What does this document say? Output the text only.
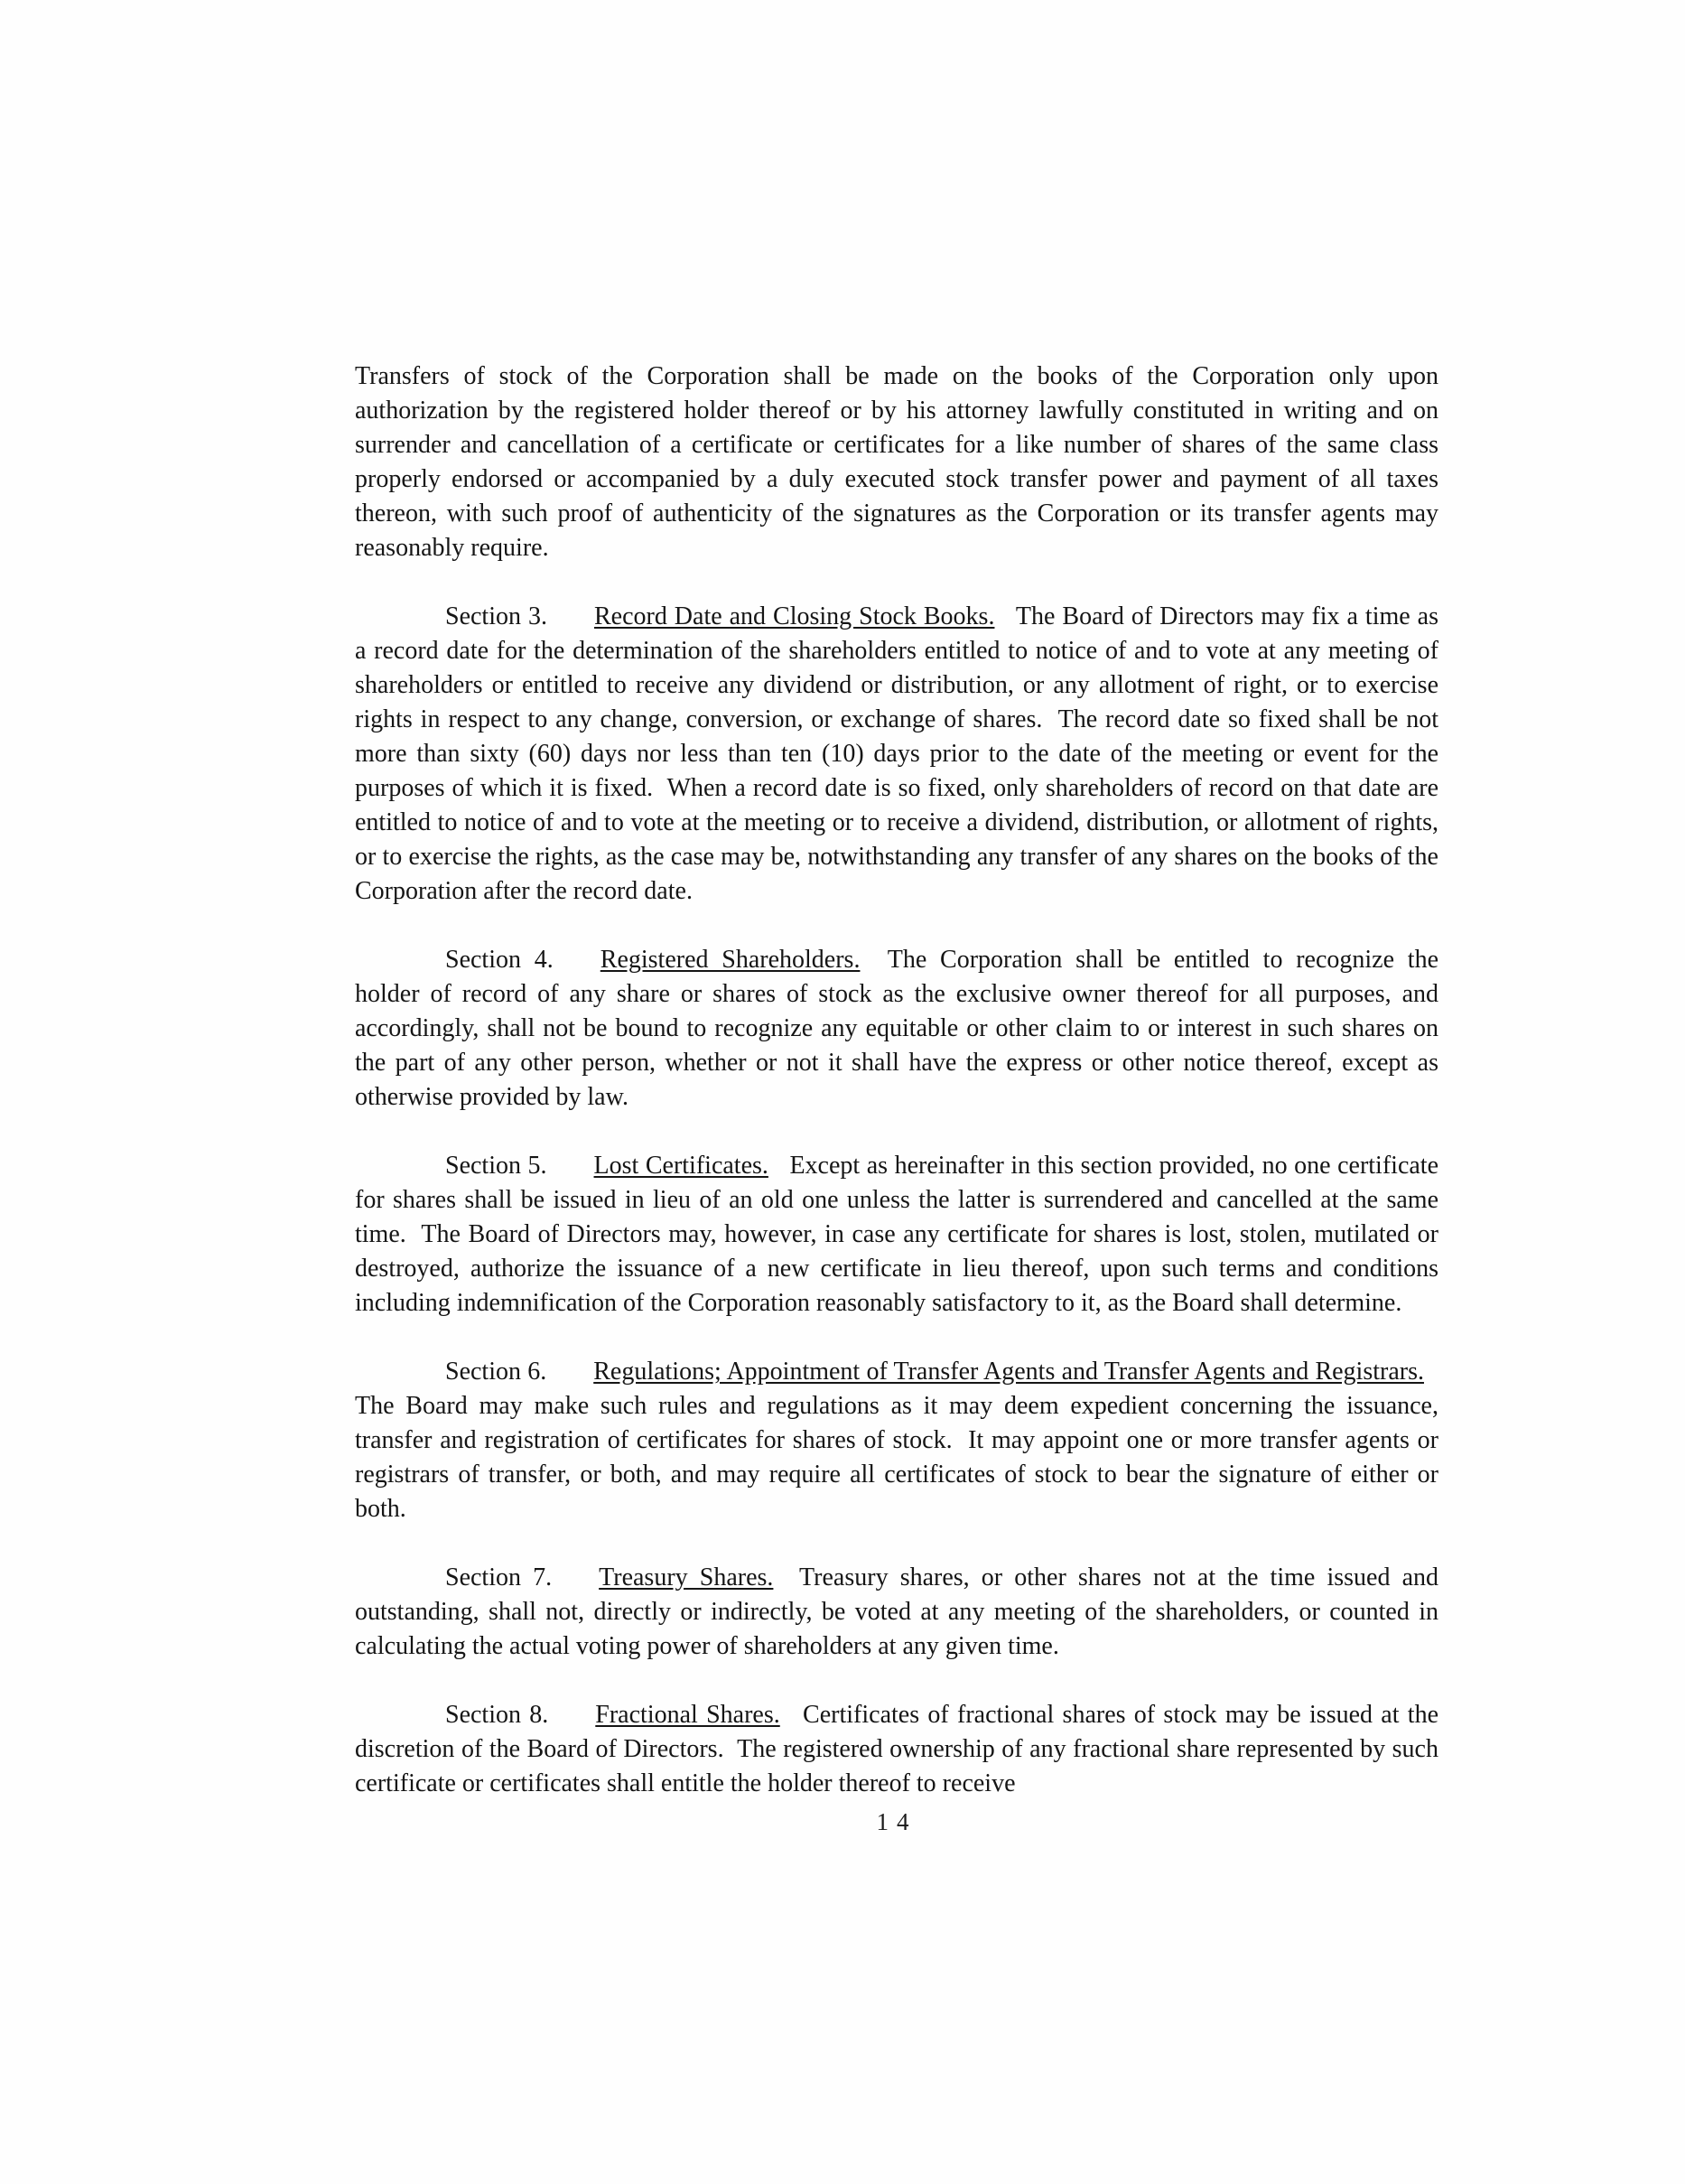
Transfers of stock of the Corporation shall be made on the books of the Corporation only upon authorization by the registered holder thereof or by his attorney lawfully constituted in writing and on surrender and cancellation of a certificate or certificates for a like number of shares of the same class properly endorsed or accompanied by a duly executed stock transfer power and payment of all taxes thereon, with such proof of authenticity of the signatures as the Corporation or its transfer agents may reasonably require.

Section 3. Record Date and Closing Stock Books. The Board of Directors may fix a time as a record date for the determination of the shareholders entitled to notice of and to vote at any meeting of shareholders or entitled to receive any dividend or distribution, or any allotment of right, or to exercise rights in respect to any change, conversion, or exchange of shares.  The record date so fixed shall be not more than sixty (60) days nor less than ten (10) days prior to the date of the meeting or event for the purposes of which it is fixed.  When a record date is so fixed, only shareholders of record on that date are entitled to notice of and to vote at the meeting or to receive a dividend, distribution, or allotment of rights, or to exercise the rights, as the case may be, notwithstanding any transfer of any shares on the books of the Corporation after the record date.

Section 4. Registered Shareholders. The Corporation shall be entitled to recognize the holder of record of any share or shares of stock as the exclusive owner thereof for all purposes, and accordingly, shall not be bound to recognize any equitable or other claim to or interest in such shares on the part of any other person, whether or not it shall have the express or other notice thereof, except as otherwise provided by law.

Section 5. Lost Certificates. Except as hereinafter in this section provided, no one certificate for shares shall be issued in lieu of an old one unless the latter is surrendered and cancelled at the same time.  The Board of Directors may, however, in case any certificate for shares is lost, stolen, mutilated or destroyed, authorize the issuance of a new certificate in lieu thereof, upon such terms and conditions including indemnification of the Corporation reasonably satisfactory to it, as the Board shall determine.

Section 6. Regulations; Appointment of Transfer Agents and Transfer Agents and Registrars. The Board may make such rules and regulations as it may deem expedient concerning the issuance, transfer and registration of certificates for shares of stock.  It may appoint one or more transfer agents or registrars of transfer, or both, and may require all certificates of stock to bear the signature of either or both.

Section 7. Treasury Shares. Treasury shares, or other shares not at the time issued and outstanding, shall not, directly or indirectly, be voted at any meeting of the shareholders, or counted in calculating the actual voting power of shareholders at any given time.

Section 8. Fractional Shares. Certificates of fractional shares of stock may be issued at the discretion of the Board of Directors.  The registered ownership of any fractional share represented by such certificate or certificates shall entitle the holder thereof to receive

14
